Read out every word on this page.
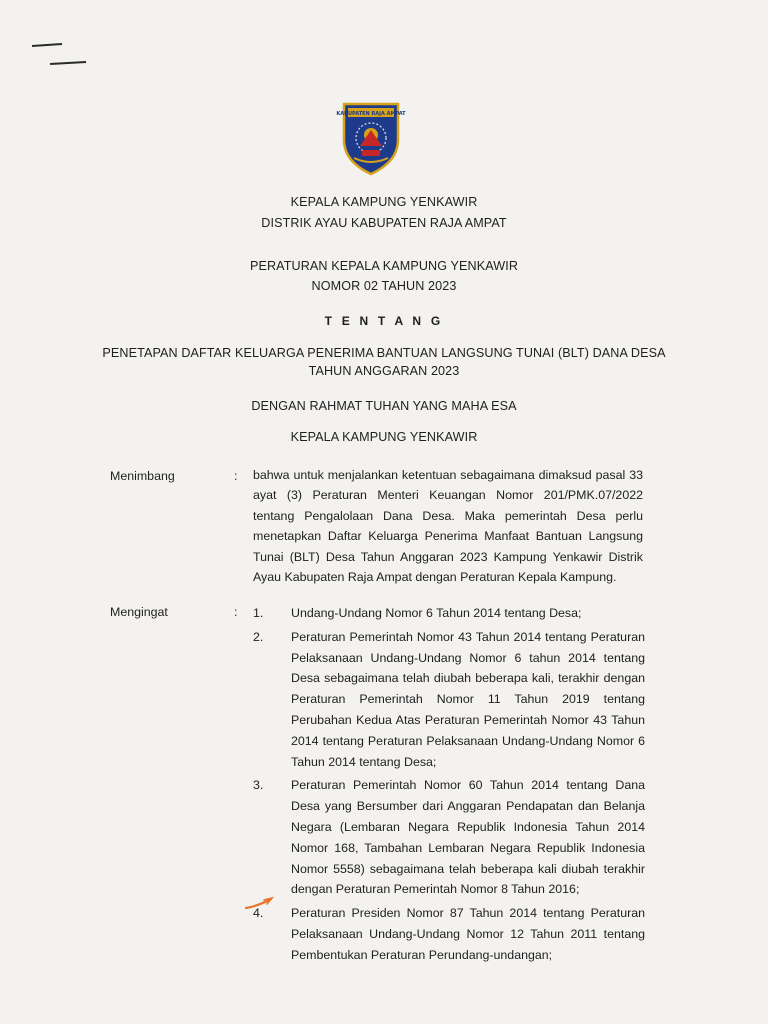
KABUPATEN RAJA AMPAT
KEPALA KAMPUNG YENKAWIR
DISTRIK AYAU KABUPATEN RAJA AMPAT
PERATURAN KEPALA KAMPUNG YENKAWIR
NOMOR 02 TAHUN 2023
T E N T A N G
PENETAPAN DAFTAR KELUARGA PENERIMA BANTUAN LANGSUNG TUNAI (BLT) DANA DESA
TAHUN ANGGARAN 2023
DENGAN RAHMAT TUHAN YANG MAHA ESA
KEPALA KAMPUNG YENKAWIR
Menimbang	: bahwa untuk menjalankan ketentuan sebagaimana dimaksud pasal 33 ayat (3) Peraturan Menteri Keuangan Nomor 201/PMK.07/2022 tentang Pengalolaan Dana Desa. Maka pemerintah Desa perlu menetapkan Daftar Keluarga Penerima Manfaat Bantuan Langsung Tunai (BLT) Desa Tahun Anggaran 2023 Kampung Yenkawir Distrik Ayau Kabupaten Raja Ampat dengan Peraturan Kepala Kampung.
Mengingat	: 1. Undang-Undang Nomor 6 Tahun 2014 tentang Desa;
2. Peraturan Pemerintah Nomor 43 Tahun 2014 tentang Peraturan Pelaksanaan Undang-Undang Nomor 6 tahun 2014 tentang Desa sebagaimana telah diubah beberapa kali, terakhir dengan Peraturan Pemerintah Nomor 11 Tahun 2019 tentang Perubahan Kedua Atas Peraturan Pemerintah Nomor 43 Tahun 2014 tentang Peraturan Pelaksanaan Undang-Undang Nomor 6 Tahun 2014 tentang Desa;
3. Peraturan Pemerintah Nomor 60 Tahun 2014 tentang Dana Desa yang Bersumber dari Anggaran Pendapatan dan Belanja Negara (Lembaran Negara Republik Indonesia Tahun 2014 Nomor 168, Tambahan Lembaran Negara Republik Indonesia Nomor 5558) sebagaimana telah beberapa kali diubah terakhir dengan Peraturan Pemerintah Nomor 8 Tahun 2016;
4. Peraturan Presiden Nomor 87 Tahun 2014 tentang Peraturan Pelaksanaan Undang-Undang Nomor 12 Tahun 2011 tentang Pembentukan Peraturan Perundang-undangan;
